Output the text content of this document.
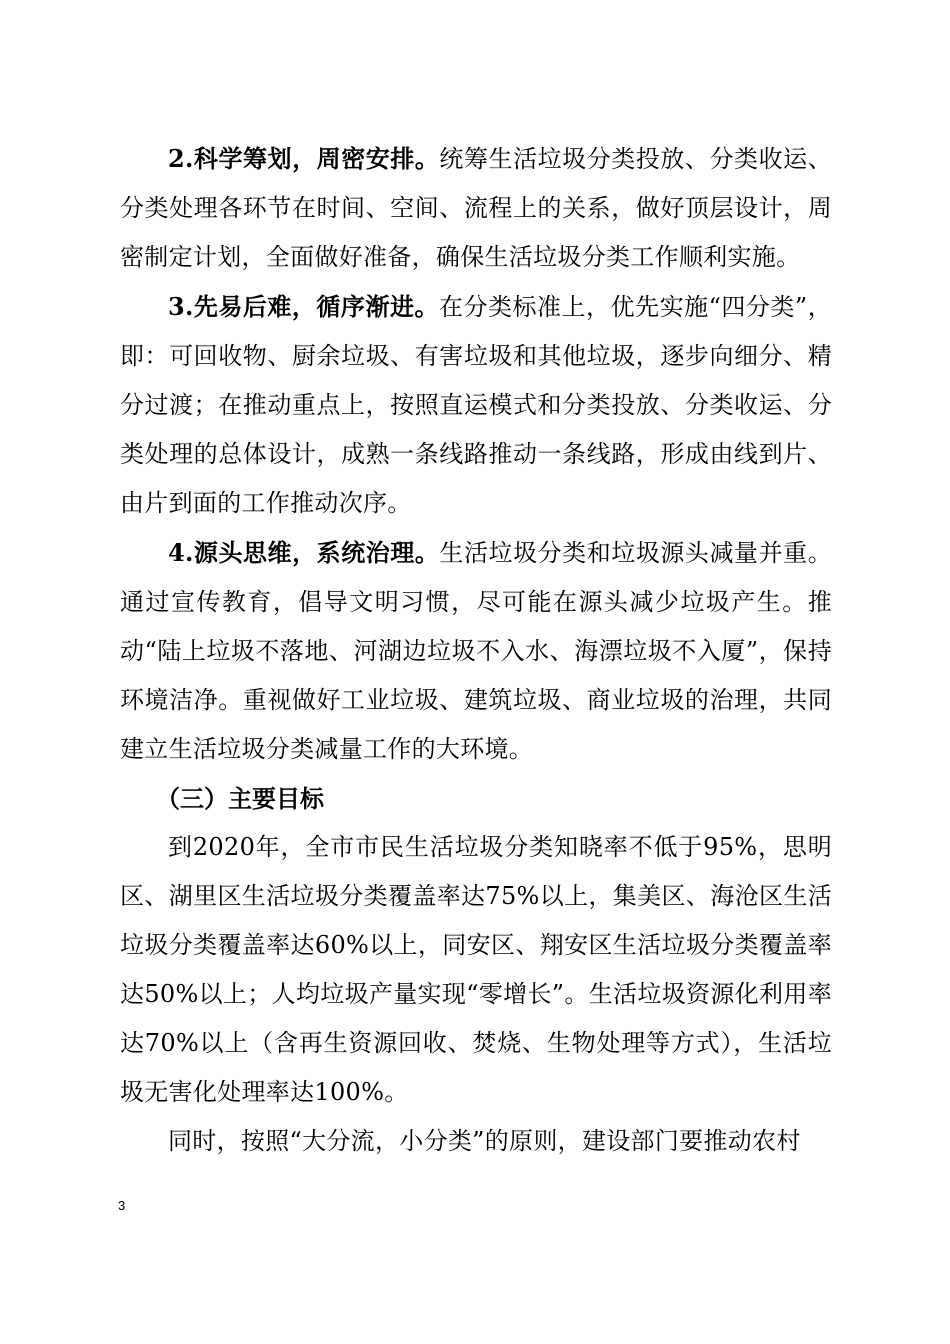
2.科学筹划，周密安排。统筹生活垃圾分类投放、分类收运、分类处理各环节在时间、空间、流程上的关系，做好顶层设计，周密制定计划，全面做好准备，确保生活垃圾分类工作顺利实施。

3.先易后难，循序渐进。在分类标准上，优先实施“四分类”，即：可回收物、厨余垃圾、有害垃圾和其他垃圾，逐步向细分、精分过渡；在推动重点上，按照直运模式和分类投放、分类收运、分类处理的总体设计，成熟一条线路推动一条线路，形成由线到片、由片到面的工作推动次序。

4.源头思维，系统治理。生活垃圾分类和垃圾源头减量并重。通过宣传教育，倡导文明习惯，尽可能在源头减少垃圾产生。推动“陆上垃圾不落地、河湖边垃圾不入水、海漂垃圾不入厦”，保持环境洁净。重视做好工业垃圾、建筑垃圾、商业垃圾的治理，共同建立生活垃圾分类减量工作的大环境。

（三）主要目标

到2020年，全市市民生活垃圾分类知晓率不低于95%，思明区、湖里区生活垃圾分类覆盖率达75%以上，集美区、海沧区生活垃圾分类覆盖率达60%以上，同安区、翔安区生活垃圾分类覆盖率达50%以上；人均垃圾产量实现“零增长”。生活垃圾资源化利用率达70%以上（含再生资源回收、焚烧、生物处理等方式），生活垃圾无害化处理率达100%。

同时，按照“大分流，小分类”的原则，建设部门要推动农村

3
